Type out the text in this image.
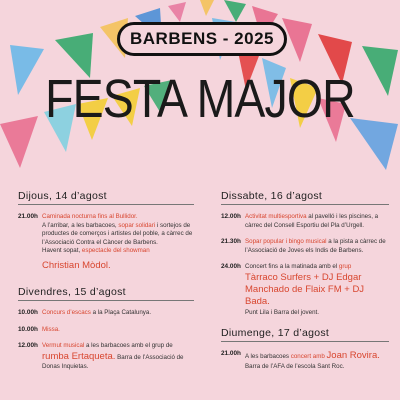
BARBENS - 2025
FESTA MAJOR
Dijous, 14 d’agost
21.00h Caminada nocturna fins al Bullidor.
A l’arribar, a les barbacoes, sopar solidari i sortejos de productes de comerços i artistes del poble, a càrrec de l’Associació Contra el Càncer de Barbens.
Havent sopat, espectacle del showman

Christian Mòdol.
Divendres, 15 d’agost
10.00h Concurs d’escacs a la Plaça Catalunya.
10.00h Missa.
12.00h Vermut musical a les barbacoes amb el grup de
rumba Ertaqueta. Barra de l’Associació de Donas Inquietas.
Dissabte, 16 d’agost
12.00h Activitat multiesportiva al pavelló i les piscines, a càrrec del Consell Esportiu del Pla d’Urgell.
21.30h Sopar popular i bingo musical a la pista a càrrec de l’Associació de Joves els Indis de Barbens.
24.00h Concert fins a la matinada amb el grup
Tàrraco Surfers + DJ Edgar Manchado de Flaix FM + DJ Bada.
Punt Lila i Barra del jovent.
Diumenge, 17 d’agost
21.00h A les barbacoes concert amb Joan Rovira.
Barra de l’AFA de l’escola Sant Roc.
